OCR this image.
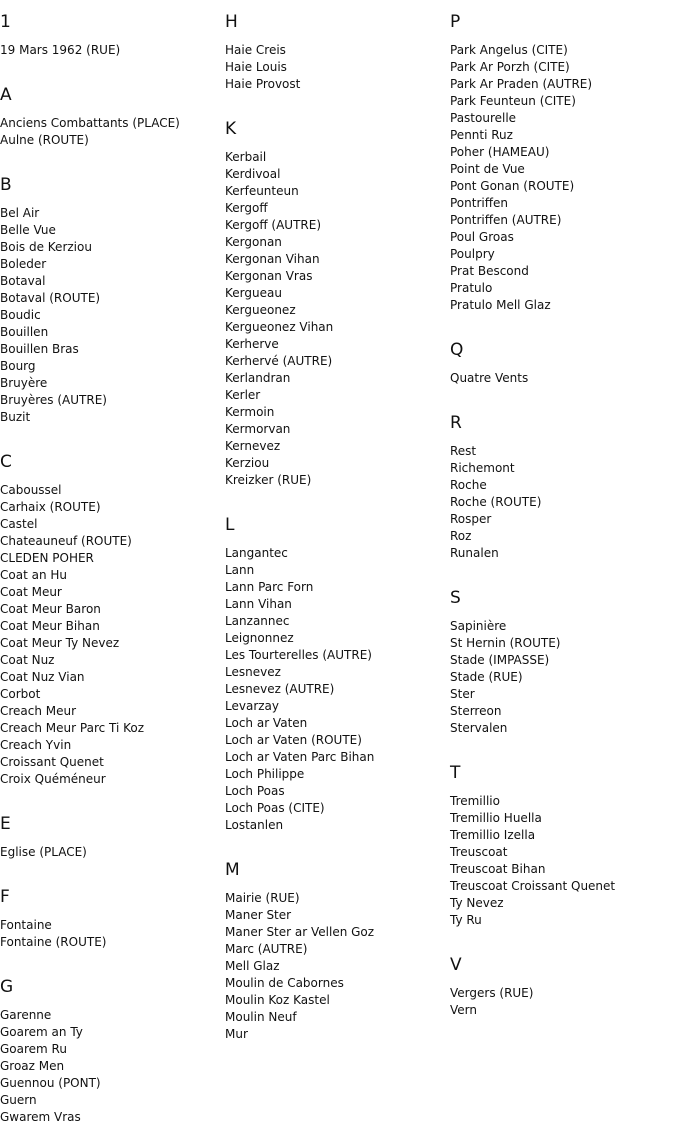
1
19 Mars 1962 (RUE)
A
Anciens Combattants (PLACE)
Aulne (ROUTE)
B
Bel Air
Belle Vue
Bois de Kerziou
Boleder
Botaval
Botaval (ROUTE)
Boudic
Bouillen
Bouillen Bras
Bourg
Bruyère
Bruyères (AUTRE)
Buzit
C
Caboussel
Carhaix (ROUTE)
Castel
Chateauneuf (ROUTE)
CLEDEN POHER
Coat an Hu
Coat Meur
Coat Meur Baron
Coat Meur Bihan
Coat Meur Ty Nevez
Coat Nuz
Coat Nuz Vian
Corbot
Creach Meur
Creach Meur Parc Ti Koz
Creach Yvin
Croissant Quenet
Croix Quéméneur
E
Eglise (PLACE)
F
Fontaine
Fontaine (ROUTE)
G
Garenne
Goarem an Ty
Goarem Ru
Groaz Men
Guennou (PONT)
Guern
Gwarem Vras
H
Haie Creis
Haie Louis
Haie Provost
K
Kerbail
Kerdivoal
Kerfeunteun
Kergoff
Kergoff (AUTRE)
Kergonan
Kergonan Vihan
Kergonan Vras
Kergueau
Kergueonez
Kergueonez Vihan
Kerherve
Kerhervé (AUTRE)
Kerlandran
Kerler
Kermoin
Kermorvan
Kernevez
Kerziou
Kreizker (RUE)
L
Langantec
Lann
Lann Parc Forn
Lann Vihan
Lanzannec
Leignonnez
Les Tourterelles (AUTRE)
Lesnevez
Lesnevez (AUTRE)
Levarzay
Loch ar Vaten
Loch ar Vaten (ROUTE)
Loch ar Vaten Parc Bihan
Loch Philippe
Loch Poas
Loch Poas (CITE)
Lostanlen
M
Mairie (RUE)
Maner Ster
Maner Ster ar Vellen Goz
Marc (AUTRE)
Mell Glaz
Moulin de Cabornes
Moulin Koz Kastel
Moulin Neuf
Mur
P
Park Angelus (CITE)
Park Ar Porzh (CITE)
Park Ar Praden (AUTRE)
Park Feunteun (CITE)
Pastourelle
Pennti Ruz
Poher (HAMEAU)
Point de Vue
Pont Gonan (ROUTE)
Pontriffen
Pontriffen (AUTRE)
Poul Groas
Poulpry
Prat Bescond
Pratulo
Pratulo Mell Glaz
Q
Quatre Vents
R
Rest
Richemont
Roche
Roche (ROUTE)
Rosper
Roz
Runalen
S
Sapinière
St Hernin (ROUTE)
Stade (IMPASSE)
Stade (RUE)
Ster
Sterreon
Stervalen
T
Tremillio
Tremillio Huella
Tremillio Izella
Treuscoat
Treuscoat Bihan
Treuscoat Croissant Quenet
Ty Nevez
Ty Ru
V
Vergers (RUE)
Vern
